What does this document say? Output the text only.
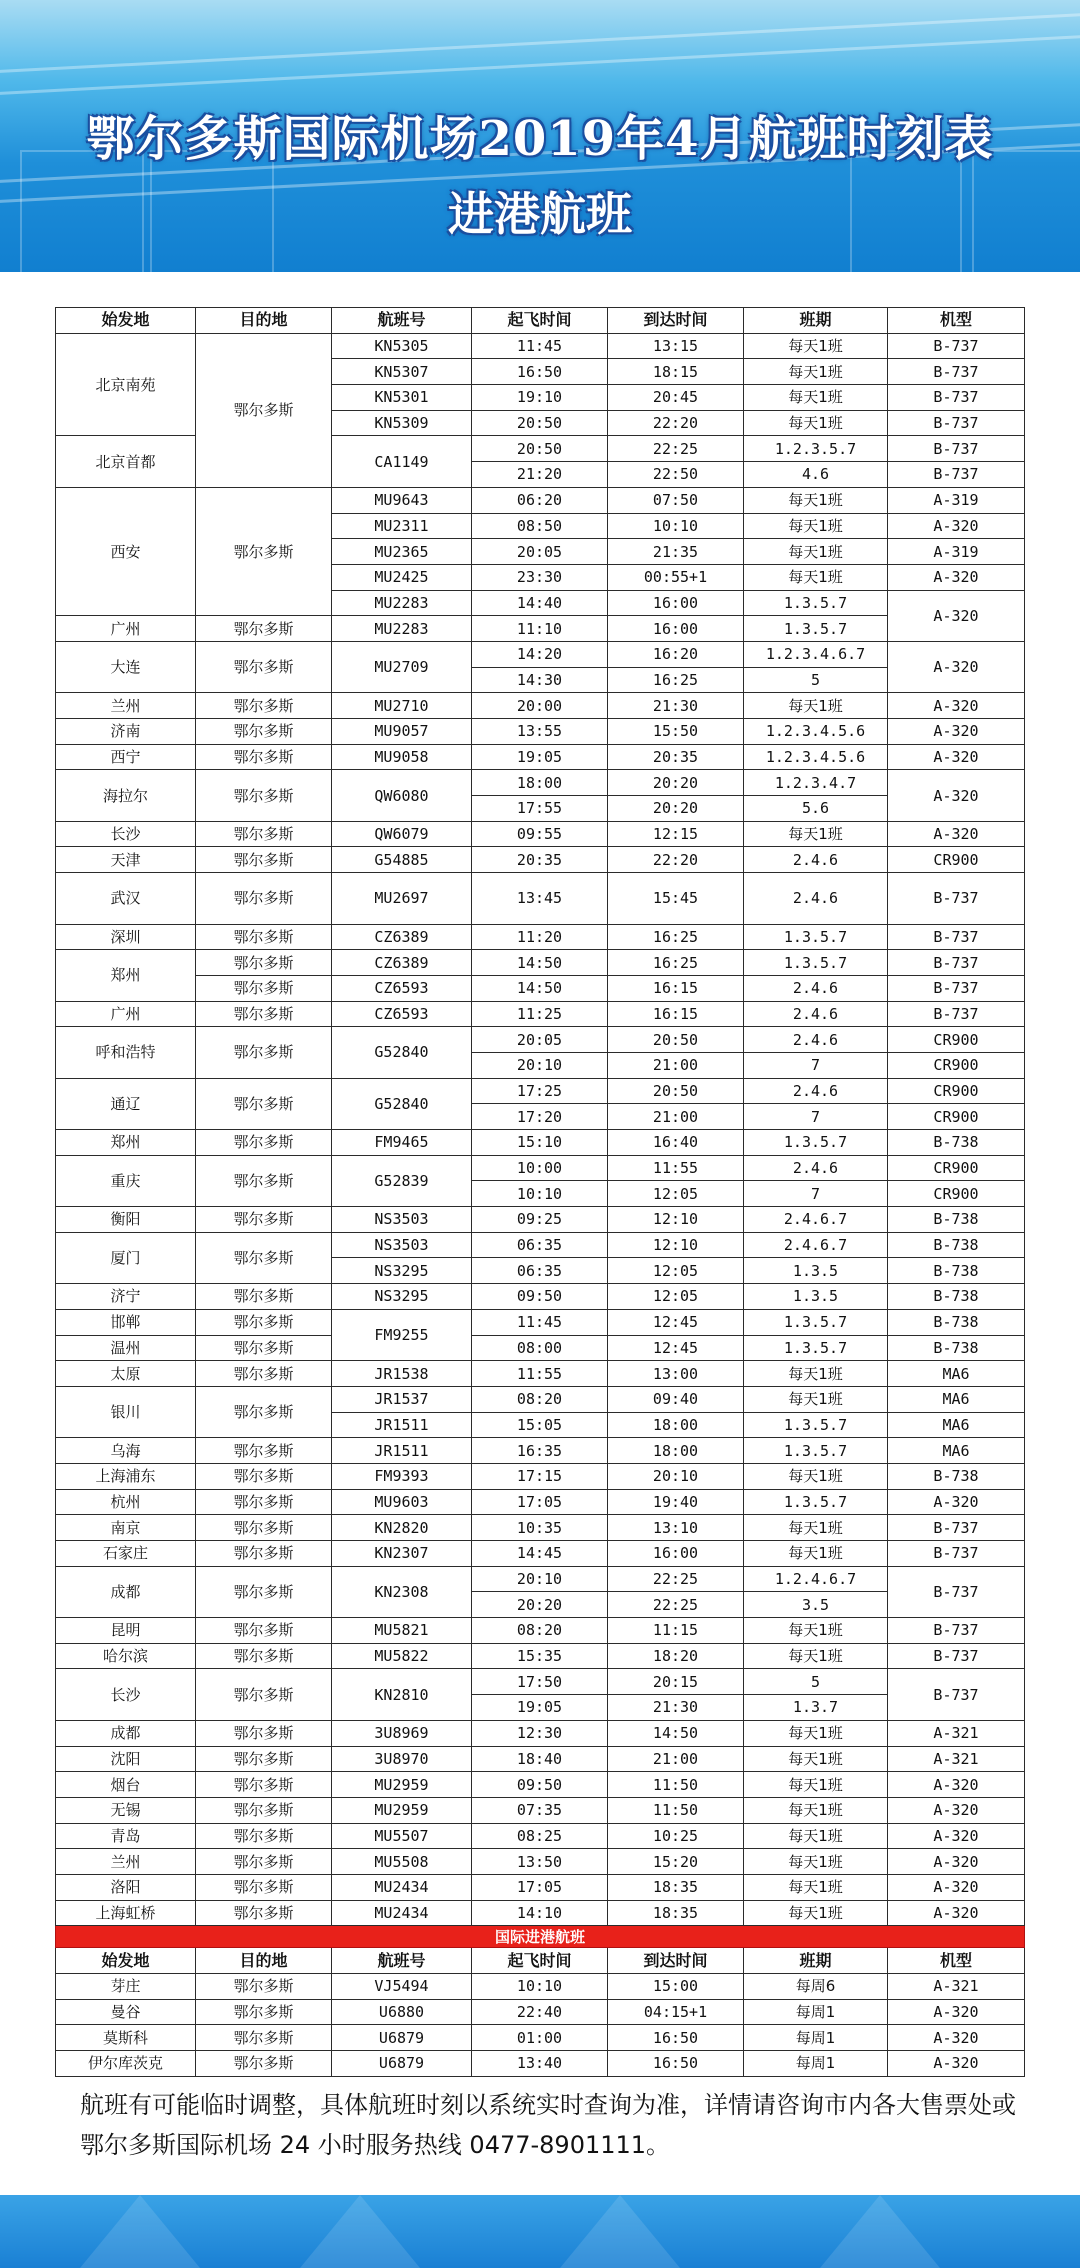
鄂尔多斯国际机场2019年4月航班时刻表
进港航班
始发地	目的地	航班号	起飞时间	到达时间	班期	机型
北京南苑	鄂尔多斯	KN5305	11:45	13:15	每天1班	B-737
		KN5307	16:50	18:15	每天1班	B-737
		KN5301	19:10	20:45	每天1班	B-737
		KN5309	20:50	22:20	每天1班	B-737
北京首都		CA1149	20:50	22:25	1.2.3.5.7	B-737
			21:20	22:50	4.6	B-737
西安	鄂尔多斯	MU9643	06:20	07:50	每天1班	A-319
		MU2311	08:50	10:10	每天1班	A-320
		MU2365	20:05	21:35	每天1班	A-319
		MU2425	23:30	00:55+1	每天1班	A-320
		MU2283	14:40	16:00	1.3.5.7	A-320
广州	鄂尔多斯	MU2283	11:10	16:00	1.3.5.7	
大连	鄂尔多斯	MU2709	14:20	16:20	1.2.3.4.6.7	A-320
			14:30	16:25	5	
兰州	鄂尔多斯	MU2710	20:00	21:30	每天1班	A-320
济南	鄂尔多斯	MU9057	13:55	15:50	1.2.3.4.5.6	A-320
西宁	鄂尔多斯	MU9058	19:05	20:35	1.2.3.4.5.6	A-320
海拉尔	鄂尔多斯	QW6080	18:00	20:20	1.2.3.4.7	A-320
			17:55	20:20	5.6	
长沙	鄂尔多斯	QW6079	09:55	12:15	每天1班	A-320
天津	鄂尔多斯	G54885	20:35	22:20	2.4.6	CR900
武汉	鄂尔多斯	MU2697	13:45	15:45	2.4.6	B-737
深圳	鄂尔多斯	CZ6389	11:20	16:25	1.3.5.7	B-737
郑州	鄂尔多斯	CZ6389	14:50	16:25	1.3.5.7	B-737
	鄂尔多斯	CZ6593	14:50	16:15	2.4.6	B-737
广州	鄂尔多斯	CZ6593	11:25	16:15	2.4.6	B-737
呼和浩特	鄂尔多斯	G52840	20:05	20:50	2.4.6	CR900
			20:10	21:00	7	CR900
通辽	鄂尔多斯	G52840	17:25	20:50	2.4.6	CR900
			17:20	21:00	7	CR900
郑州	鄂尔多斯	FM9465	15:10	16:40	1.3.5.7	B-738
重庆	鄂尔多斯	G52839	10:00	11:55	2.4.6	CR900
			10:10	12:05	7	CR900
衡阳	鄂尔多斯	NS3503	09:25	12:10	2.4.6.7	B-738
厦门	鄂尔多斯	NS3503	06:35	12:10	2.4.6.7	B-738
		NS3295	06:35	12:05	1.3.5	B-738
济宁	鄂尔多斯	NS3295	09:50	12:05	1.3.5	B-738
邯郸	鄂尔多斯	FM9255	11:45	12:45	1.3.5.7	B-738
温州	鄂尔多斯		08:00	12:45	1.3.5.7	B-738
太原	鄂尔多斯	JR1538	11:55	13:00	每天1班	MA6
银川	鄂尔多斯	JR1537	08:20	09:40	每天1班	MA6
		JR1511	15:05	18:00	1.3.5.7	MA6
乌海	鄂尔多斯	JR1511	16:35	18:00	1.3.5.7	MA6
上海浦东	鄂尔多斯	FM9393	17:15	20:10	每天1班	B-738
杭州	鄂尔多斯	MU9603	17:05	19:40	1.3.5.7	A-320
南京	鄂尔多斯	KN2820	10:35	13:10	每天1班	B-737
石家庄	鄂尔多斯	KN2307	14:45	16:00	每天1班	B-737
成都	鄂尔多斯	KN2308	20:10	22:25	1.2.4.6.7	B-737
			20:20	22:25	3.5	
昆明	鄂尔多斯	MU5821	08:20	11:15	每天1班	B-737
哈尔滨	鄂尔多斯	MU5822	15:35	18:20	每天1班	B-737
长沙	鄂尔多斯	KN2810	17:50	20:15	5	B-737
			19:05	21:30	1.3.7	
成都	鄂尔多斯	3U8969	12:30	14:50	每天1班	A-321
沈阳	鄂尔多斯	3U8970	18:40	21:00	每天1班	A-321
烟台	鄂尔多斯	MU2959	09:50	11:50	每天1班	A-320
无锡	鄂尔多斯	MU2959	07:35	11:50	每天1班	A-320
青岛	鄂尔多斯	MU5507	08:25	10:25	每天1班	A-320
兰州	鄂尔多斯	MU5508	13:50	15:20	每天1班	A-320
洛阳	鄂尔多斯	MU2434	17:05	18:35	每天1班	A-320
上海虹桥	鄂尔多斯	MU2434	14:10	18:35	每天1班	A-320
国际进港航班						
始发地	目的地	航班号	起飞时间	到达时间	班期	机型
芽庄	鄂尔多斯	VJ5494	10:10	15:00	每周6	A-321
曼谷	鄂尔多斯	U6880	22:40	04:15+1	每周1	A-320
莫斯科	鄂尔多斯	U6879	01:00	16:50	每周1	A-320
伊尔库茨克	鄂尔多斯	U6879	13:40	16:50	每周1	A-320
航班有可能临时调整，具体航班时刻以系统实时查询为准，详情请咨询市内各大售票处或鄂尔多斯国际机场 24 小时服务热线 0477-8901111。
